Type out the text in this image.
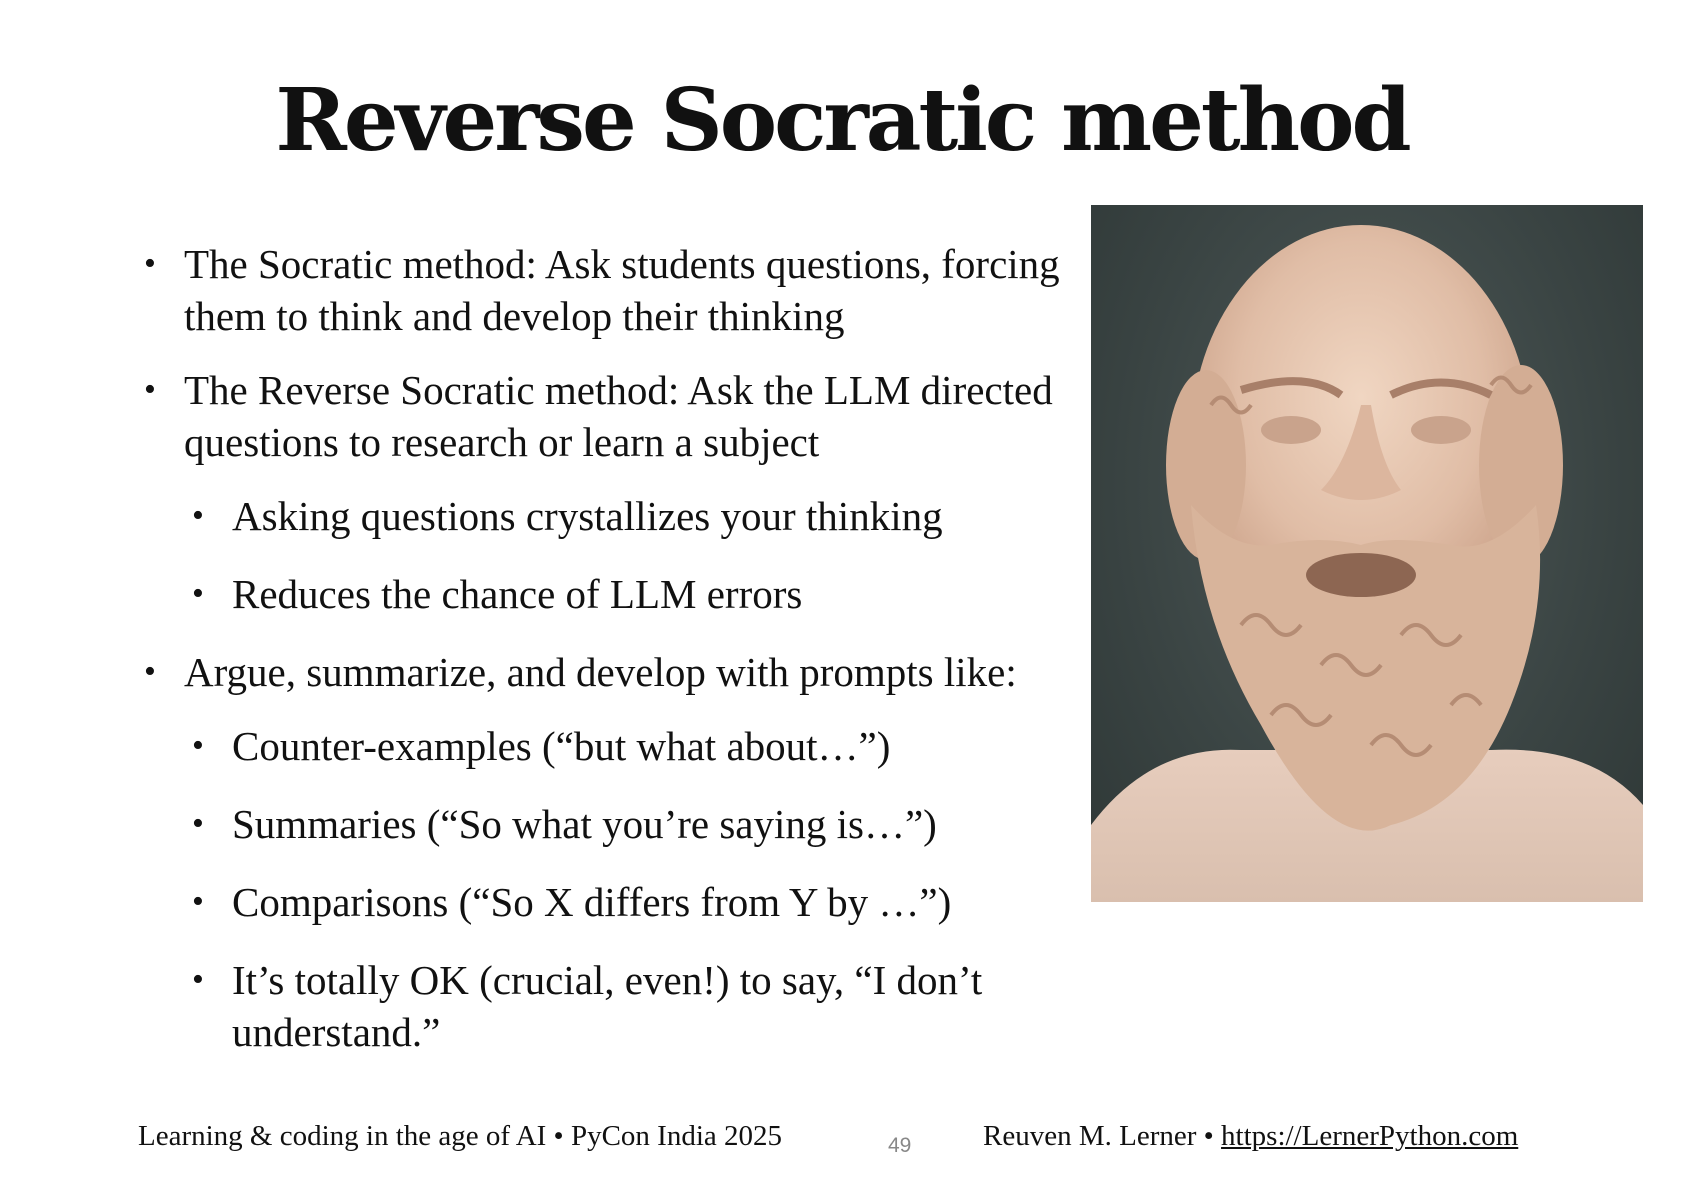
Reverse Socratic method
• The Socratic method: Ask students questions, forcing them to think and develop their thinking
• The Reverse Socratic method: Ask the LLM directed questions to research or learn a subject
• Asking questions crystallizes your thinking
• Reduces the chance of LLM errors
• Argue, summarize, and develop with prompts like:
• Counter-examples (“but what about…”)
• Summaries (“So what you’re saying is…”)
• Comparisons (“So X differs from Y by …”)
• It’s totally OK (crucial, even!) to say, “I don’t understand.”
Learning & coding in the age of AI • PyCon India 2025	49 Reuven M. Lerner • https://LernerPython.com
